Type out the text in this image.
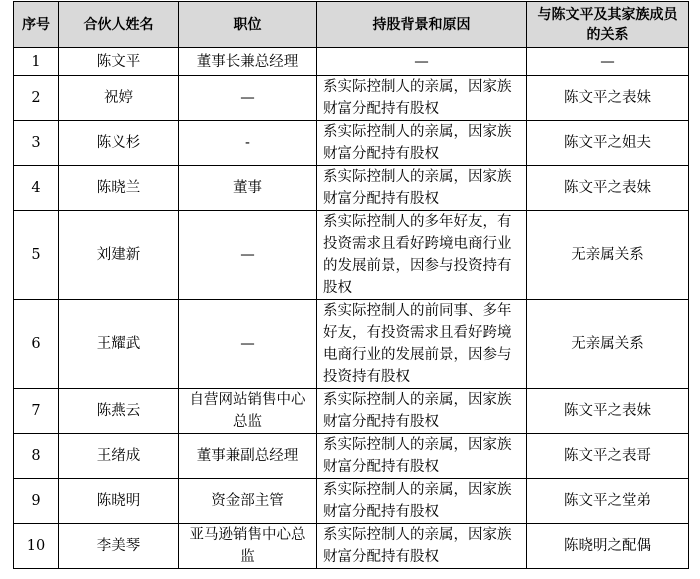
序号	合伙人姓名	职位	持股背景和原因	与陈文平及其家族成员的关系
1	陈文平	董事长兼总经理	—	—
2	祝婷	—	系实际控制人的亲属，因家族财富分配持有股权	陈文平之表妹
3	陈义杉	-	系实际控制人的亲属，因家族财富分配持有股权	陈文平之姐夫
4	陈晓兰	董事	系实际控制人的亲属，因家族财富分配持有股权	陈文平之表妹
5	刘建新	—	系实际控制人的多年好友，有投资需求且看好跨境电商行业的发展前景，因参与投资持有股权	无亲属关系
6	王耀武	—	系实际控制人的前同事、多年好友，有投资需求且看好跨境电商行业的发展前景，因参与投资持有股权	无亲属关系
7	陈燕云	自营网站销售中心总监	系实际控制人的亲属，因家族财富分配持有股权	陈文平之表妹
8	王绪成	董事兼副总经理	系实际控制人的亲属，因家族财富分配持有股权	陈文平之表哥
9	陈晓明	资金部主管	系实际控制人的亲属，因家族财富分配持有股权	陈文平之堂弟
10	李美琴	亚马逊销售中心总监	系实际控制人的亲属，因家族财富分配持有股权	陈晓明之配偶
